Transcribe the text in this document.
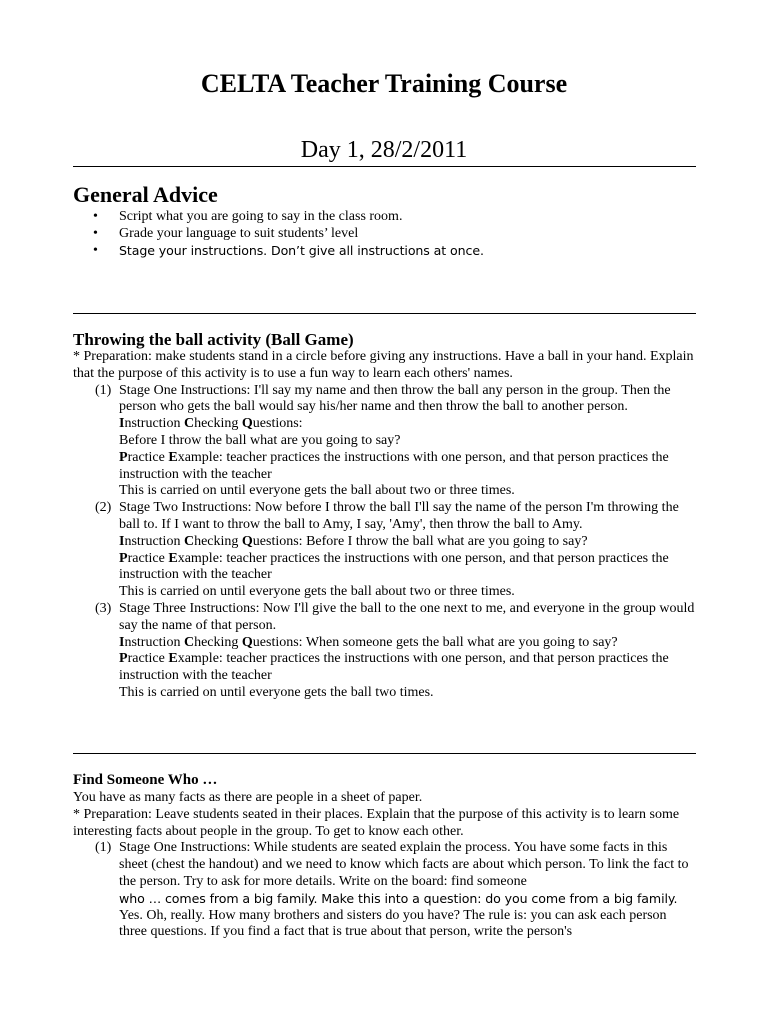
CELTA Teacher Training Course
Day 1, 28/2/2011
General Advice
• Script what you are going to say in the class room.
• Grade your language to suit students’ level
• Stage your instructions. Don’t give all instructions at once.
Throwing the ball activity (Ball Game)

* Preparation: make students stand in a circle before giving any instructions. Have a ball in your hand. Explain that the purpose of this activity is to use a fun way to learn each others' names.

(1) Stage One Instructions: I'll say my name and then throw the ball any person in the group. Then the person who gets the ball would say his/her name and then throw the ball to another person.
Instruction Checking Questions:
Before I throw the ball what are you going to say?
Practice Example: teacher practices the instructions with one person, and that person practices the instruction with the teacher
This is carried on until everyone gets the ball about two or three times.
(2) Stage Two Instructions: Now before I throw the ball I'll say the name of the person I'm throwing the ball to. If I want to throw the ball to Amy, I say, 'Amy', then throw the ball to Amy.
Instruction Checking Questions: Before I throw the ball what are you going to say?
Practice Example: teacher practices the instructions with one person, and that person practices the instruction with the teacher
This is carried on until everyone gets the ball about two or three times.
(3) Stage Three Instructions: Now I'll give the ball to the one next to me, and everyone in the group would say the name of that person.
Instruction Checking Questions: When someone gets the ball what are you going to say?
Practice Example: teacher practices the instructions with one person, and that person practices the instruction with the teacher
This is carried on until everyone gets the ball two times.
Find Someone Who …

You have as many facts as there are people in a sheet of paper.

* Preparation: Leave students seated in their places. Explain that the purpose of this activity is to learn some interesting facts about people in the group. To get to know each other.

(1) Stage One Instructions: While students are seated explain the process. You have some facts in this sheet (chest the handout) and we need to know which facts are about which person. To link the fact to the person. Try to ask for more details. Write on the board: find someone
who … comes from a big family. Make this into a question: do you come from a big family.
Yes. Oh, really. How many brothers and sisters do you have? The rule is: you can ask each person three questions. If you find a fact that is true about that person, write the person's
